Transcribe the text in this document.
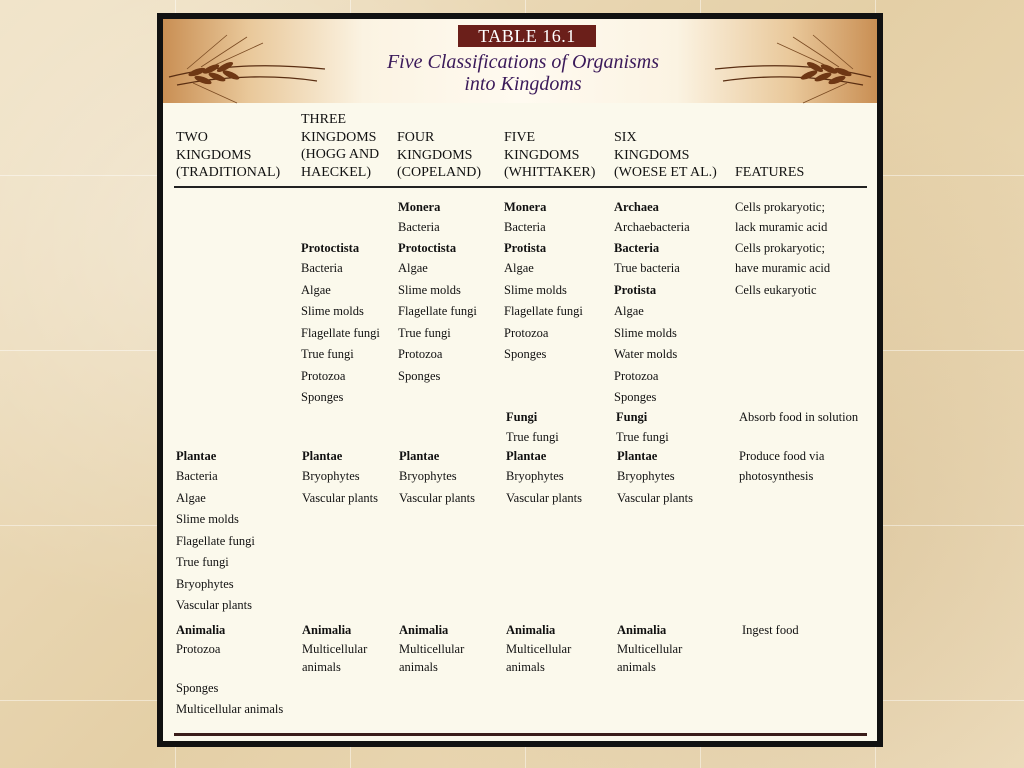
TABLE 16.1
Five Classifications of Organisms
into Kingdoms
TWO
KINGDOMS
(TRADITIONAL)
THREE
KINGDOMS
(HOGG AND
HAECKEL)
FOUR
KINGDOMS
(COPELAND)
FIVE
KINGDOMS
(WHITTAKER)
SIX
KINGDOMS
(WOESE ET AL.) FEATURES
Monera
Bacteria
Monera
Bacteria
Archaea
Archaebacteria
Cells prokaryotic;
lack muramic acid
Protoctista
Bacteria
Algae
Slime molds
Flagellate fungi
True fungi
Protozoa
Sponges
Protoctista
Algae
Slime molds
Flagellate fungi
True fungi
Protozoa
Sponges
Protista
Algae
Slime molds
Flagellate fungi
Protozoa
Sponges
Bacteria
True bacteria
Protista
Algae
Slime molds
Water molds
Protozoa
Sponges
Cells prokaryotic;
have muramic acid
Cells eukaryotic
Fungi
True fungi
Fungi
True fungi
Absorb food in solution
Plantae
Bacteria
Algae
Slime molds
Flagellate fungi
True fungi
Bryophytes
Vascular plants
Plantae
Bryophytes
Vascular plants
Plantae
Bryophytes
Vascular plants
Plantae
Bryophytes
Vascular plants
Plantae
Bryophytes
Vascular plants
Produce food via
photosynthesis
Animalia
Protozoa
Sponges
Multicellular animals
Animalia
Multicellular
animals
Animalia
Multicellular
animals
Animalia
Multicellular
animals
Animalia
Multicellular
animals
Ingest food
